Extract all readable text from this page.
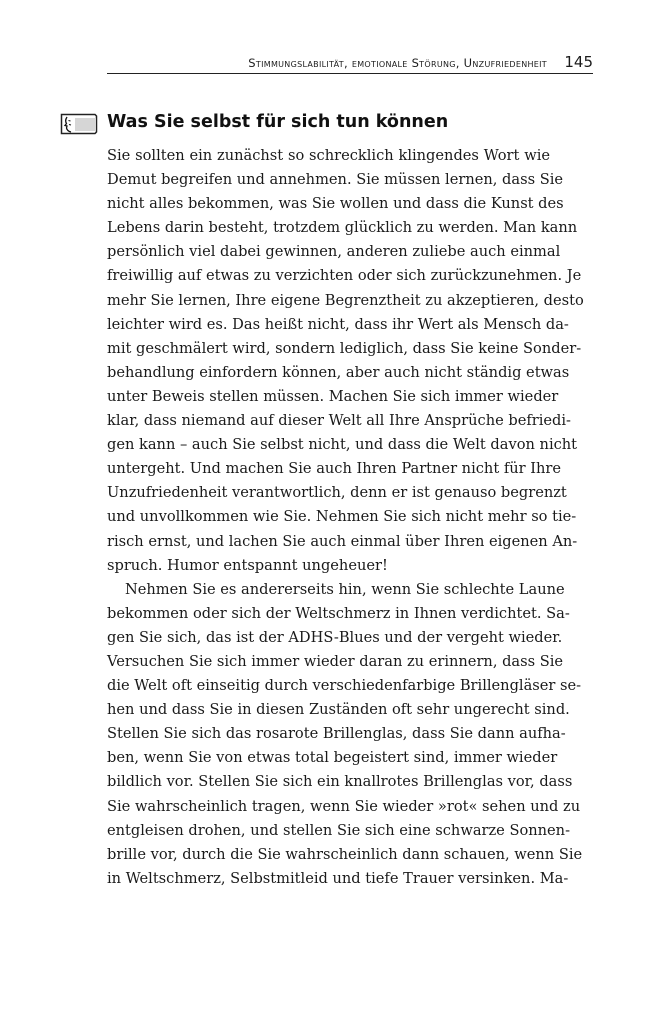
Stimmungslabilität, emotionale Störung, Unzufriedenheit 145
Was Sie selbst für sich tun können
Sie sollten ein zunächst so schrecklich klingendes Wort wie
Demut begreifen und annehmen. Sie müssen lernen, dass Sie
nicht alles bekommen, was Sie wollen und dass die Kunst des
Lebens darin besteht, trotzdem glücklich zu werden. Man kann
persönlich viel dabei gewinnen, anderen zuliebe auch einmal
freiwillig auf etwas zu verzichten oder sich zurückzunehmen. Je
mehr Sie lernen, Ihre eigene Begrenztheit zu akzeptieren, desto
leichter wird es. Das heißt nicht, dass ihr Wert als Mensch da-
mit geschmälert wird, sondern lediglich, dass Sie keine Sonder-
behandlung einfordern können, aber auch nicht ständig etwas
unter Beweis stellen müssen. Machen Sie sich immer wieder
klar, dass niemand auf dieser Welt all Ihre Ansprüche befriedi-
gen kann – auch Sie selbst nicht, und dass die Welt davon nicht
untergeht. Und machen Sie auch Ihren Partner nicht für Ihre
Unzufriedenheit verantwortlich, denn er ist genauso begrenzt
und unvollkommen wie Sie. Nehmen Sie sich nicht mehr so tie-
risch ernst, und lachen Sie auch einmal über Ihren eigenen An-
spruch. Humor entspannt ungeheuer!
Nehmen Sie es andererseits hin, wenn Sie schlechte Laune
bekommen oder sich der Weltschmerz in Ihnen verdichtet. Sa-
gen Sie sich, das ist der ADHS-Blues und der vergeht wieder.
Versuchen Sie sich immer wieder daran zu erinnern, dass Sie
die Welt oft einseitig durch verschiedenfarbige Brillengläser se-
hen und dass Sie in diesen Zuständen oft sehr ungerecht sind.
Stellen Sie sich das rosarote Brillenglas, dass Sie dann aufha-
ben, wenn Sie von etwas total begeistert sind, immer wieder
bildlich vor. Stellen Sie sich ein knallrotes Brillenglas vor, dass
Sie wahrscheinlich tragen, wenn Sie wieder »rot« sehen und zu
entgleisen drohen, und stellen Sie sich eine schwarze Sonnen-
brille vor, durch die Sie wahrscheinlich dann schauen, wenn Sie
in Weltschmerz, Selbstmitleid und tiefe Trauer versinken. Ma-
